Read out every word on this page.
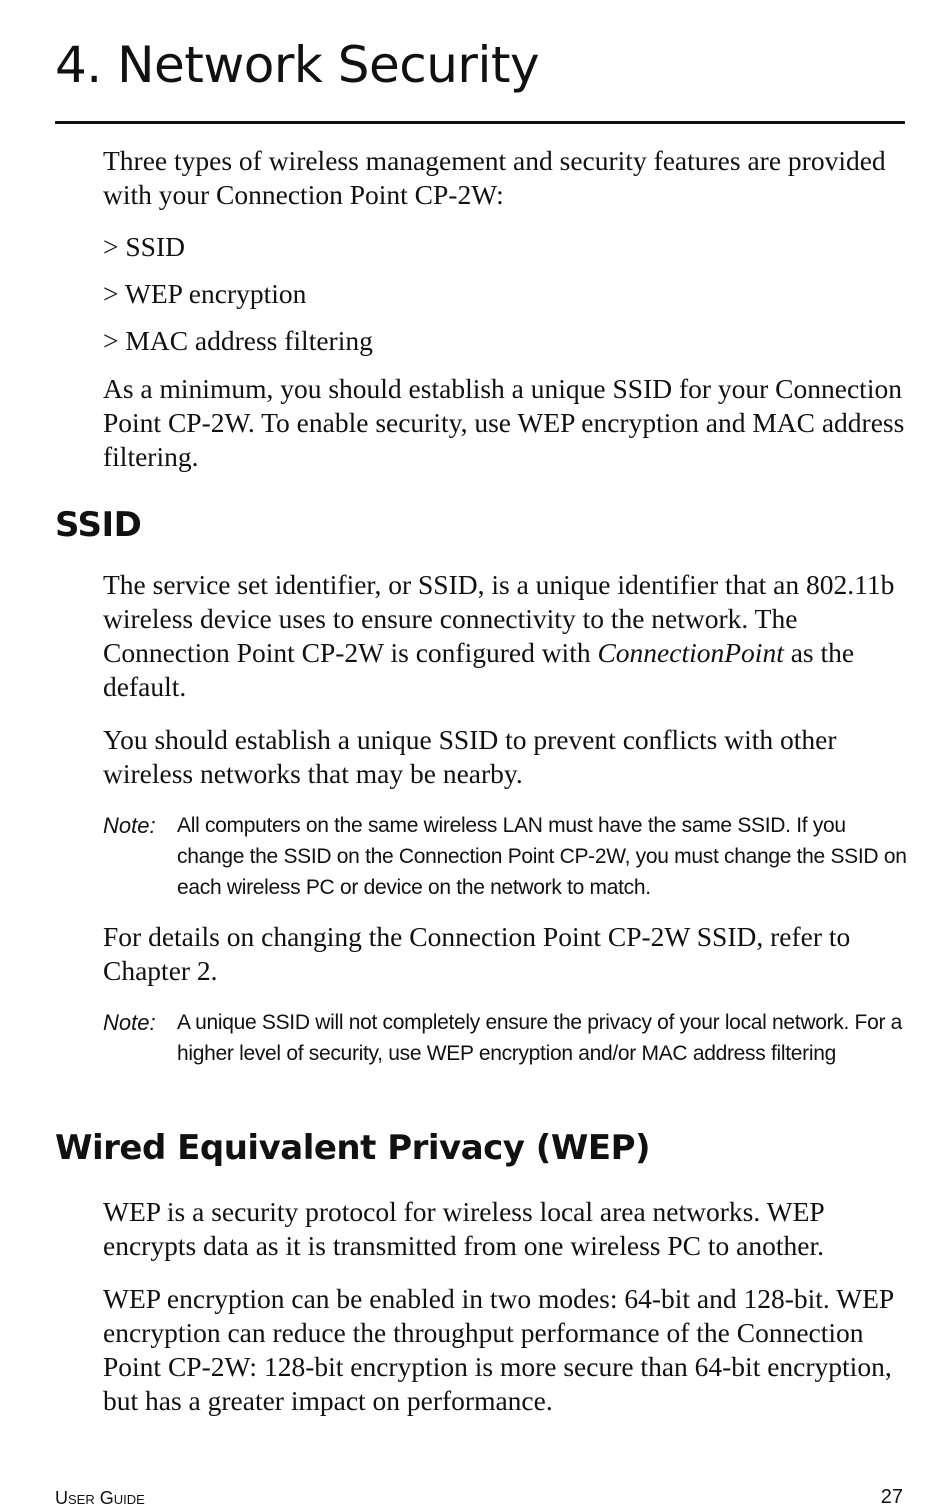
4. Network Security

Three types of wireless management and security features are provided with your Connection Point CP-2W:

> SSID

> WEP encryption

> MAC address filtering

As a minimum, you should establish a unique SSID for your Connection Point CP-2W. To enable security, use WEP encryption and MAC address filtering.

SSID

The service set identifier, or SSID, is a unique identifier that an 802.11b wireless device uses to ensure connectivity to the network. The Connection Point CP-2W is configured with ConnectionPoint as the default.

You should establish a unique SSID to prevent conflicts with other wireless networks that may be nearby.

Note: All computers on the same wireless LAN must have the same SSID. If you change the SSID on the Connection Point CP-2W, you must change the SSID on each wireless PC or device on the network to match.

For details on changing the Connection Point CP-2W SSID, refer to Chapter 2.

Note: A unique SSID will not completely ensure the privacy of your local network. For a higher level of security, use WEP encryption and/or MAC address filtering

Wired Equivalent Privacy (WEP)

WEP is a security protocol for wireless local area networks. WEP encrypts data as it is transmitted from one wireless PC to another.

WEP encryption can be enabled in two modes: 64-bit and 128-bit. WEP encryption can reduce the throughput performance of the Connection Point CP-2W: 128-bit encryption is more secure than 64-bit encryption, but has a greater impact on performance.

User Guide	27
